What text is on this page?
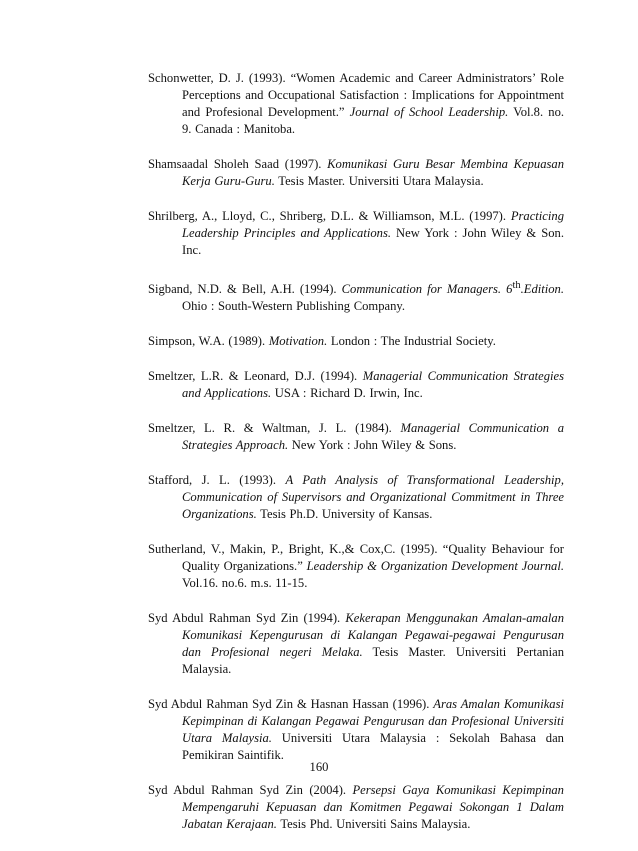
Schonwetter, D. J. (1993). “Women Academic and Career Administrators’ Role Perceptions and Occupational Satisfaction : Implications for Appointment and Profesional Development.” Journal of School Leadership. Vol.8. no. 9. Canada : Manitoba.

Shamsaadal Sholeh Saad (1997). Komunikasi Guru Besar Membina Kepuasan Kerja Guru-Guru. Tesis Master. Universiti Utara Malaysia.

Shrilberg, A., Lloyd, C., Shriberg, D.L. & Williamson, M.L. (1997). Practicing Leadership Principles and Applications. New York : John Wiley & Son. Inc.

Sigband, N.D. & Bell, A.H. (1994). Communication for Managers. 6th.Edition. Ohio : South-Western Publishing Company.

Simpson, W.A. (1989). Motivation. London : The Industrial Society.

Smeltzer, L.R. & Leonard, D.J. (1994). Managerial Communication Strategies and Applications. USA : Richard D. Irwin, Inc.

Smeltzer, L. R. & Waltman, J. L. (1984). Managerial Communication a Strategies Approach. New York : John Wiley & Sons.

Stafford, J. L. (1993). A Path Analysis of Transformational Leadership, Communication of Supervisors and Organizational Commitment in Three Organizations. Tesis Ph.D. University of Kansas.

Sutherland, V., Makin, P., Bright, K.,& Cox,C. (1995). “Quality Behaviour for Quality Organizations.” Leadership & Organization Development Journal. Vol.16. no.6. m.s. 11-15.

Syd Abdul Rahman Syd Zin (1994). Kekerapan Menggunakan Amalan-amalan Komunikasi Kepengurusan di Kalangan Pegawai-pegawai Pengurusan dan Profesional negeri Melaka. Tesis Master. Universiti Pertanian Malaysia.

Syd Abdul Rahman Syd Zin & Hasnan Hassan (1996). Aras Amalan Komunikasi Kepimpinan di Kalangan Pegawai Pengurusan dan Profesional Universiti Utara Malaysia. Universiti Utara Malaysia : Sekolah Bahasa dan Pemikiran Saintifik.

Syd Abdul Rahman Syd Zin (2004). Persepsi Gaya Komunikasi Kepimpinan Mempengaruhi Kepuasan dan Komitmen Pegawai Sokongan 1 Dalam Jabatan Kerajaan. Tesis Phd. Universiti Sains Malaysia.

160
